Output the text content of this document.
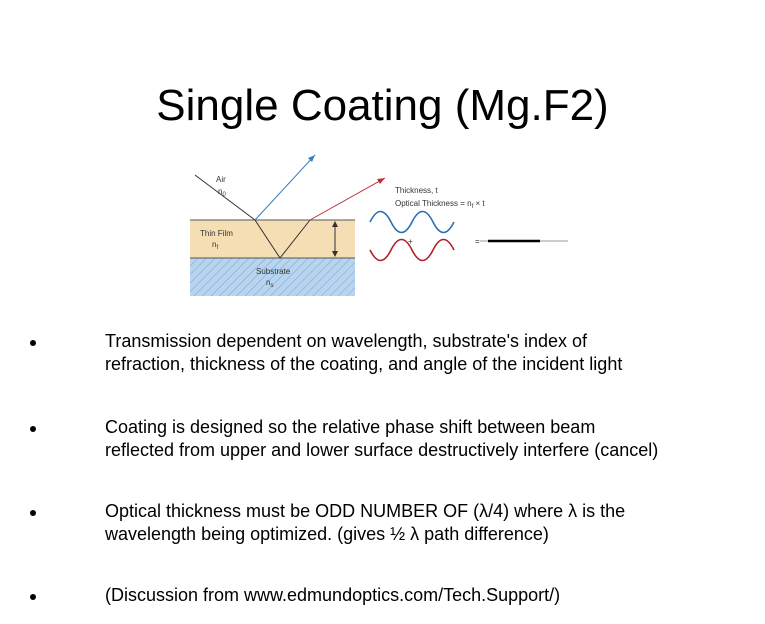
Single Coating (Mg.F2)
Air
$n_0$
Thin Film
$n_f$
Substrate
$n_s$
Thickness, t
Optical Thickness = $n_f \times t$
+	=
Transmission dependent on wavelength, substrate's index of refraction, thickness of the coating, and angle of the incident light
Coating is designed so the relative phase shift between beam reflected from upper and lower surface destructively interfere (cancel)
Optical thickness must be ODD NUMBER OF (λ/4) where λ is the wavelength being optimized. (gives ½ λ path difference)
(Discussion from www.edmundoptics.com/Tech.Support/)
